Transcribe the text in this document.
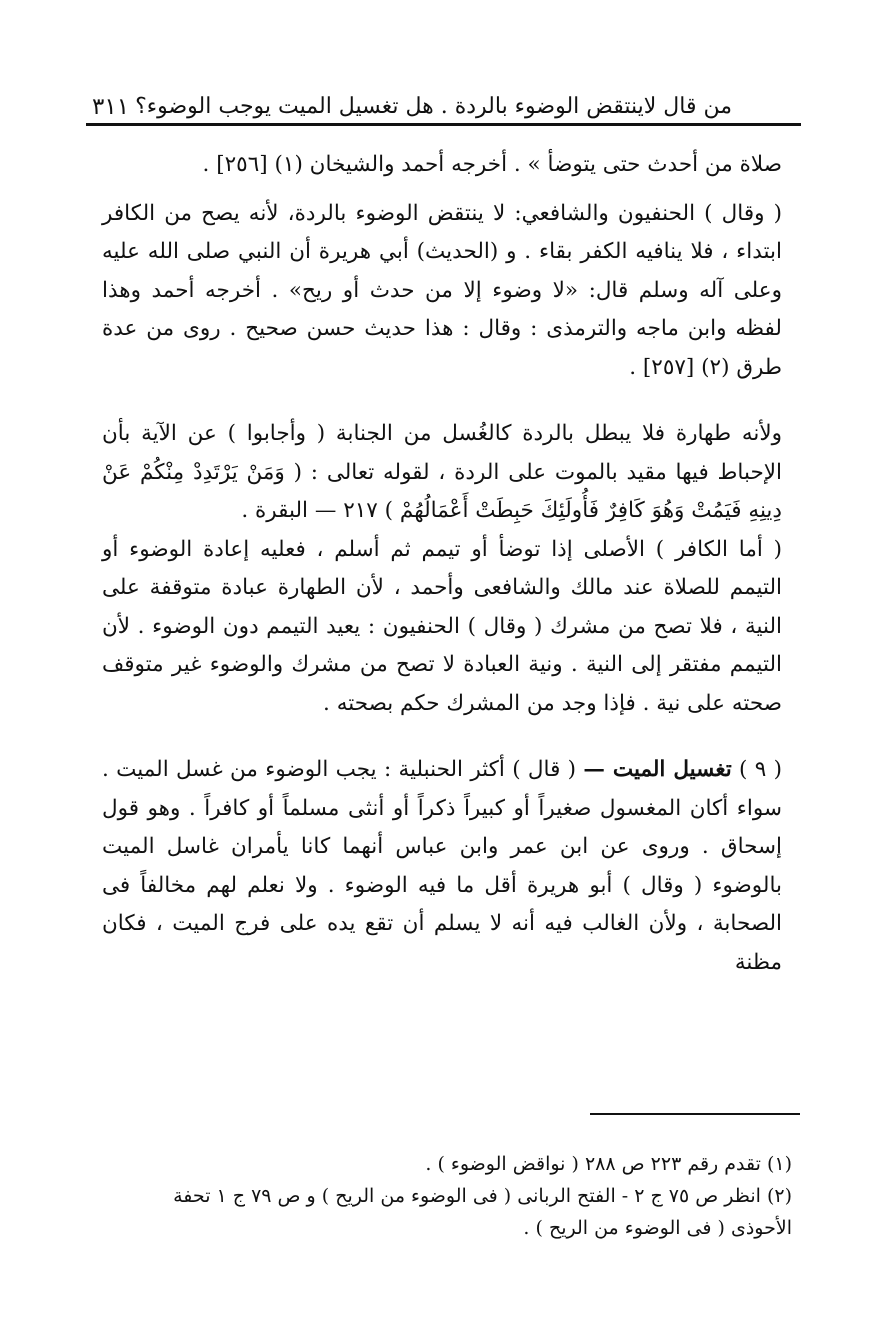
من قال لاينتقض الوضوء بالردة . هل تغسيل الميت يوجب الوضوء؟
٣١١

صلاة من أحدث حتى يتوضأ » . أخرجه أحمد والشيخان (١) [٢٥٦] .

( وقال ) الحنفيون والشافعي: لا ينتقض الوضوء بالردة، لأنه يصح من الكافر ابتداء ، فلا ينافيه الكفر بقاء . و (الحديث) أبي هريرة أن النبي صلى الله عليه وعلى آله وسلم قال: «لا وضوء إلا من حدث أو ريح» . أخرجه أحمد وهذا لفظه وابن ماجه والترمذى : وقال : هذا حديث حسن صحيح . روى من عدة طرق (٢) [٢٥٧] .

ولأنه طهارة فلا يبطل بالردة كالغُسل من الجنابة ( وأجابوا ) عن الآية بأن الإحباط فيها مقيد بالموت على الردة ، لقوله تعالى : ( وَمَنْ يَرْتَدِدْ مِنْكُمْ عَنْ دِينِهِ فَيَمُتْ وَهُوَ كَافِرٌ فَأُولَئِكَ حَبِطَتْ أَعْمَالُهُمْ ) ٢١٧ — البقرة .

( أما الكافر ) الأصلى إذا توضأ أو تيمم ثم أسلم ، فعليه إعادة الوضوء أو التيمم للصلاة عند مالك والشافعى وأحمد ، لأن الطهارة عبادة متوقفة على النية ، فلا تصح من مشرك ( وقال ) الحنفيون : يعيد التيمم دون الوضوء . لأن التيمم مفتقر إلى النية . ونية العبادة لا تصح من مشرك والوضوء غير متوقف صحته على نية . فإذا وجد من المشرك حكم بصحته .

( ٩ ) تغسيل الميت — ( قال ) أكثر الحنبلية : يجب الوضوء من غسل الميت . سواء أكان المغسول صغيراً أو كبيراً ذكراً أو أنثى مسلماً أو كافراً . وهو قول إسحاق . وروى عن ابن عمر وابن عباس أنهما كانا يأمران غاسل الميت بالوضوء ( وقال ) أبو هريرة أقل ما فيه الوضوء . ولا نعلم لهم مخالفاً فى الصحابة ، ولأن الغالب فيه أنه لا يسلم أن تقع يده على فرج الميت ، فكان مظنة

(١) تقدم رقم ٢٢٣ ص ٢٨٨ ( نواقض الوضوء ) .

(٢) انظر ص ٧٥ ج ٢ - الفتح الربانى ( فى الوضوء من الريح ) و ص ٧٩ ج ١ تحفة الأحوذى ( فى الوضوء من الريح ) .
